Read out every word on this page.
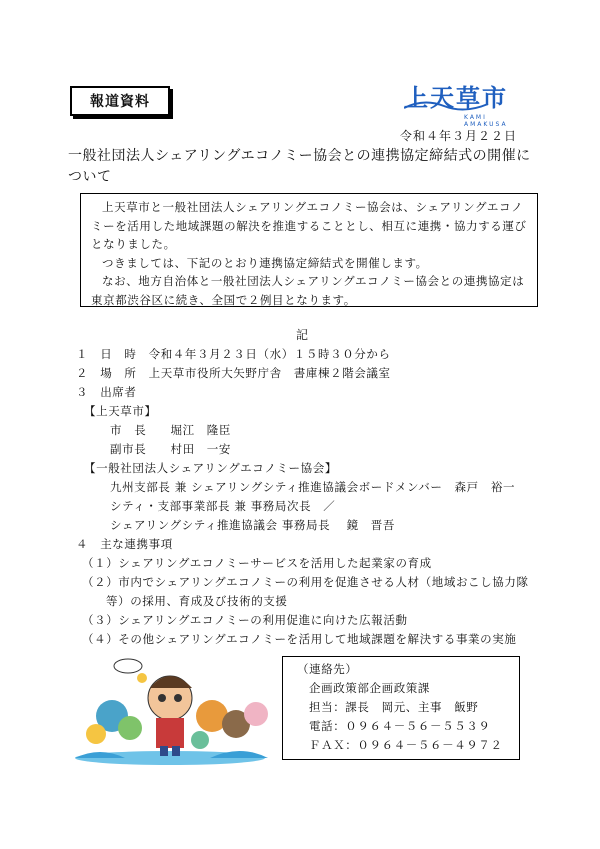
報道資料	上天草市
KAMI AMAKUSA
令和４年３月２２日
一般社団法人シェアリングエコノミー協会との連携協定締結式の開催に
ついて

上天草市と一般社団法人シェアリングエコノミー協会は、シェアリングエコノ

ミーを活用した地域課題の解決を推進することとし、相互に連携・協力する運び

となりました。

つきましては、下記のとおり連携協定締結式を開催します。

なお、地方自治体と一般社団法人シェアリングエコノミー協会との連携協定は

東京都渋谷区に続き、全国で２例目となります。

記
１　日　時　令和４年３月２３日（水）１５時３０分から
２　場　所　上天草市役所大矢野庁舎　書庫棟２階会議室
３　出席者
【上天草市】
市　長　　堀江　隆臣
副市長　　村田　一安
【一般社団法人シェアリングエコノミー協会】
九州支部長 兼 シェアリングシティ推進協議会ボードメンバー　森戸　裕一
シティ・支部事業部長 兼 事務局次長　／
シェアリングシティ推進協議会 事務局長　 鏡　晋吾
４　主な連携事項
（１）シェアリングエコノミーサービスを活用した起業家の育成
（２）市内でシェアリングエコノミーの利用を促進させる人材（地域おこし協力隊
等）の採用、育成及び技術的支援
（３）シェアリングエコノミーの利用促進に向けた広報活動
（４）その他シェアリングエコノミーを活用して地域課題を解決する事業の実施
（連絡先）
企画政策部企画政策課
担当：課長　岡元、主事　飯野
電話：０９６４－５６－５５３９
ＦＡＸ：０９６４－５６－４９７２
